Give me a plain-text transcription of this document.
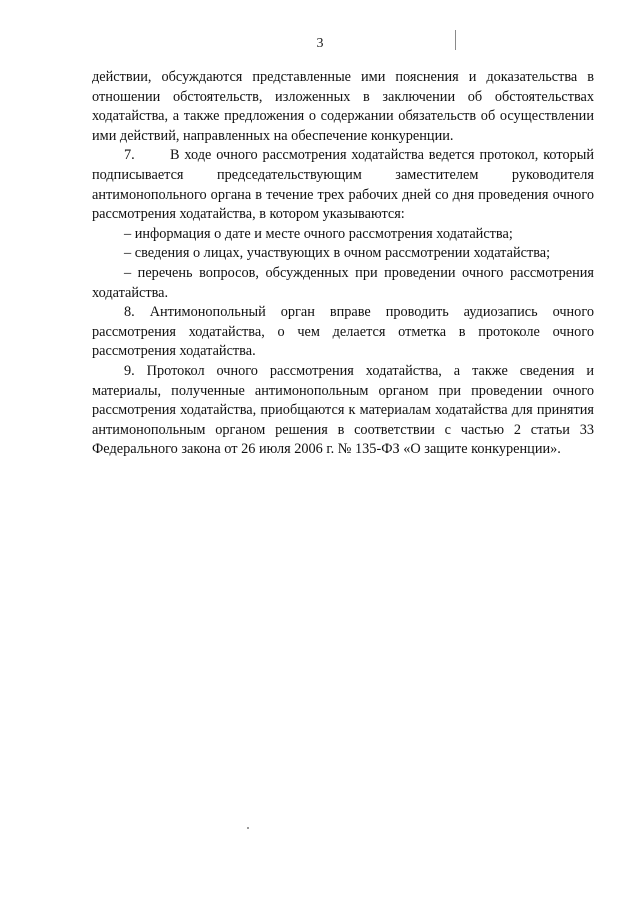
3

действии, обсуждаются представленные ими пояснения и доказательства в отношении обстоятельств, изложенных в заключении об обстоятельствах ходатайства, а также предложения о содержании обязательств об осуществлении ими действий, направленных на обеспечение конкуренции.

7. В ходе очного рассмотрения ходатайства ведется протокол, который подписывается председательствующим заместителем руководителя антимонопольного органа в течение трех рабочих дней со дня проведения очного рассмотрения ходатайства, в котором указываются:

– информация о дате и месте очного рассмотрения ходатайства;

– сведения о лицах, участвующих в очном рассмотрении ходатайства;

– перечень вопросов, обсужденных при проведении очного рассмотрения ходатайства.

8. Антимонопольный орган вправе проводить аудиозапись очного рассмотрения ходатайства, о чем делается отметка в протоколе очного рассмотрения ходатайства.

9. Протокол очного рассмотрения ходатайства, а также сведения и материалы, полученные антимонопольным органом при проведении очного рассмотрения ходатайства, приобщаются к материалам ходатайства для принятия антимонопольным органом решения в соответствии с частью 2 статьи 33 Федерального закона от 26 июля 2006 г. № 135-ФЗ «О защите конкуренции».
